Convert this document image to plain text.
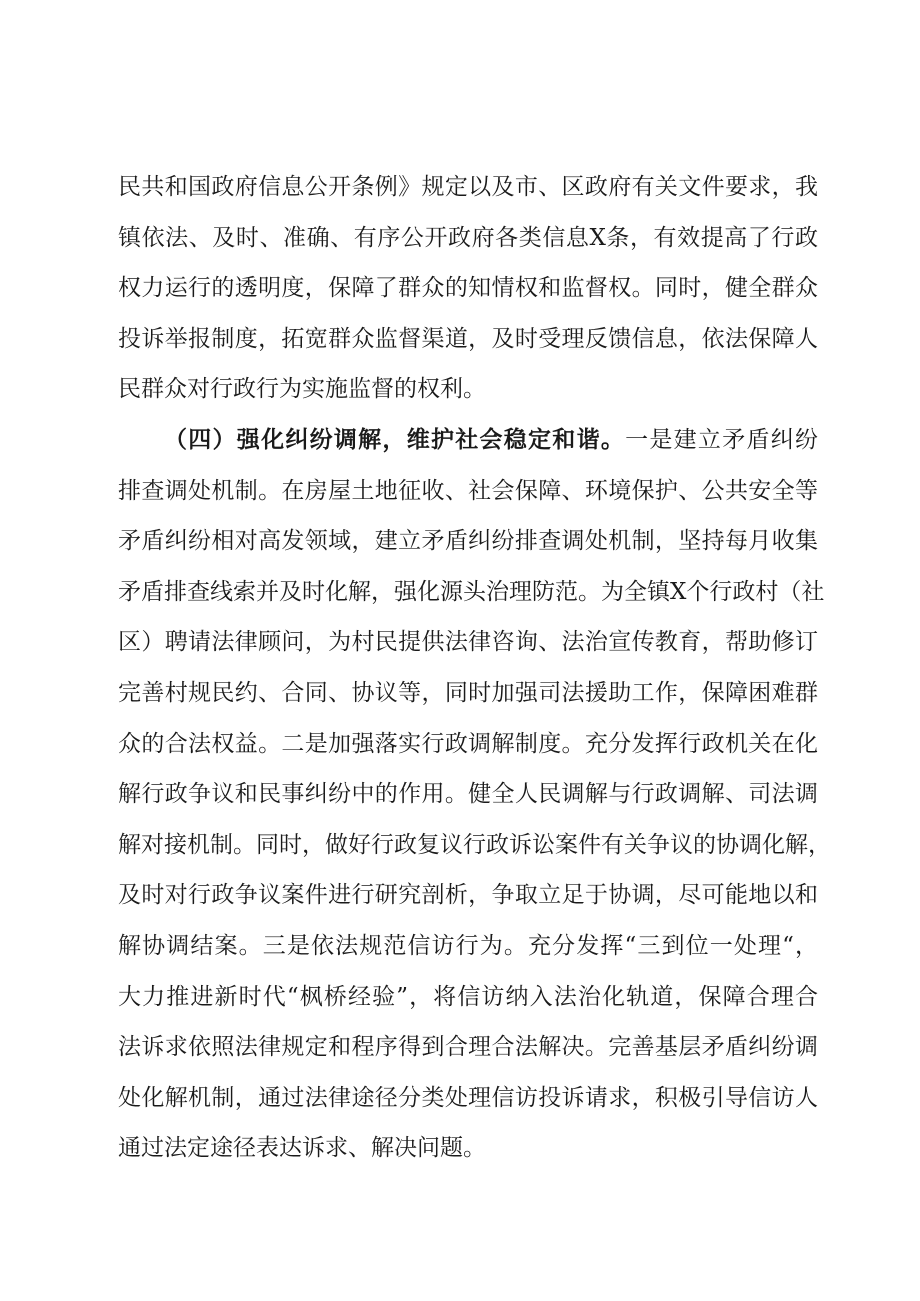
民共和国政府信息公开条例》规定以及市、区政府有关文件要求，我
镇依法、及时、准确、有序公开政府各类信息X条，有效提高了行政
权力运行的透明度，保障了群众的知情权和监督权。同时，健全群众
投诉举报制度，拓宽群众监督渠道，及时受理反馈信息，依法保障人
民群众对行政行为实施监督的权利。
（四）强化纠纷调解，维护社会稳定和谐。一是建立矛盾纠纷
排查调处机制。在房屋土地征收、社会保障、环境保护、公共安全等
矛盾纠纷相对高发领域，建立矛盾纠纷排查调处机制，坚持每月收集
矛盾排查线索并及时化解，强化源头治理防范。为全镇X个行政村（社
区）聘请法律顾问，为村民提供法律咨询、法治宣传教育，帮助修订
完善村规民约、合同、协议等，同时加强司法援助工作，保障困难群
众的合法权益。二是加强落实行政调解制度。充分发挥行政机关在化
解行政争议和民事纠纷中的作用。健全人民调解与行政调解、司法调
解对接机制。同时，做好行政复议行政诉讼案件有关争议的协调化解，
及时对行政争议案件进行研究剖析，争取立足于协调，尽可能地以和
解协调结案。三是依法规范信访行为。充分发挥“三到位一处理“，
大力推进新时代“枫桥经验”，将信访纳入法治化轨道，保障合理合
法诉求依照法律规定和程序得到合理合法解决。完善基层矛盾纠纷调
处化解机制，通过法律途径分类处理信访投诉请求，积极引导信访人
通过法定途径表达诉求、解决问题。
